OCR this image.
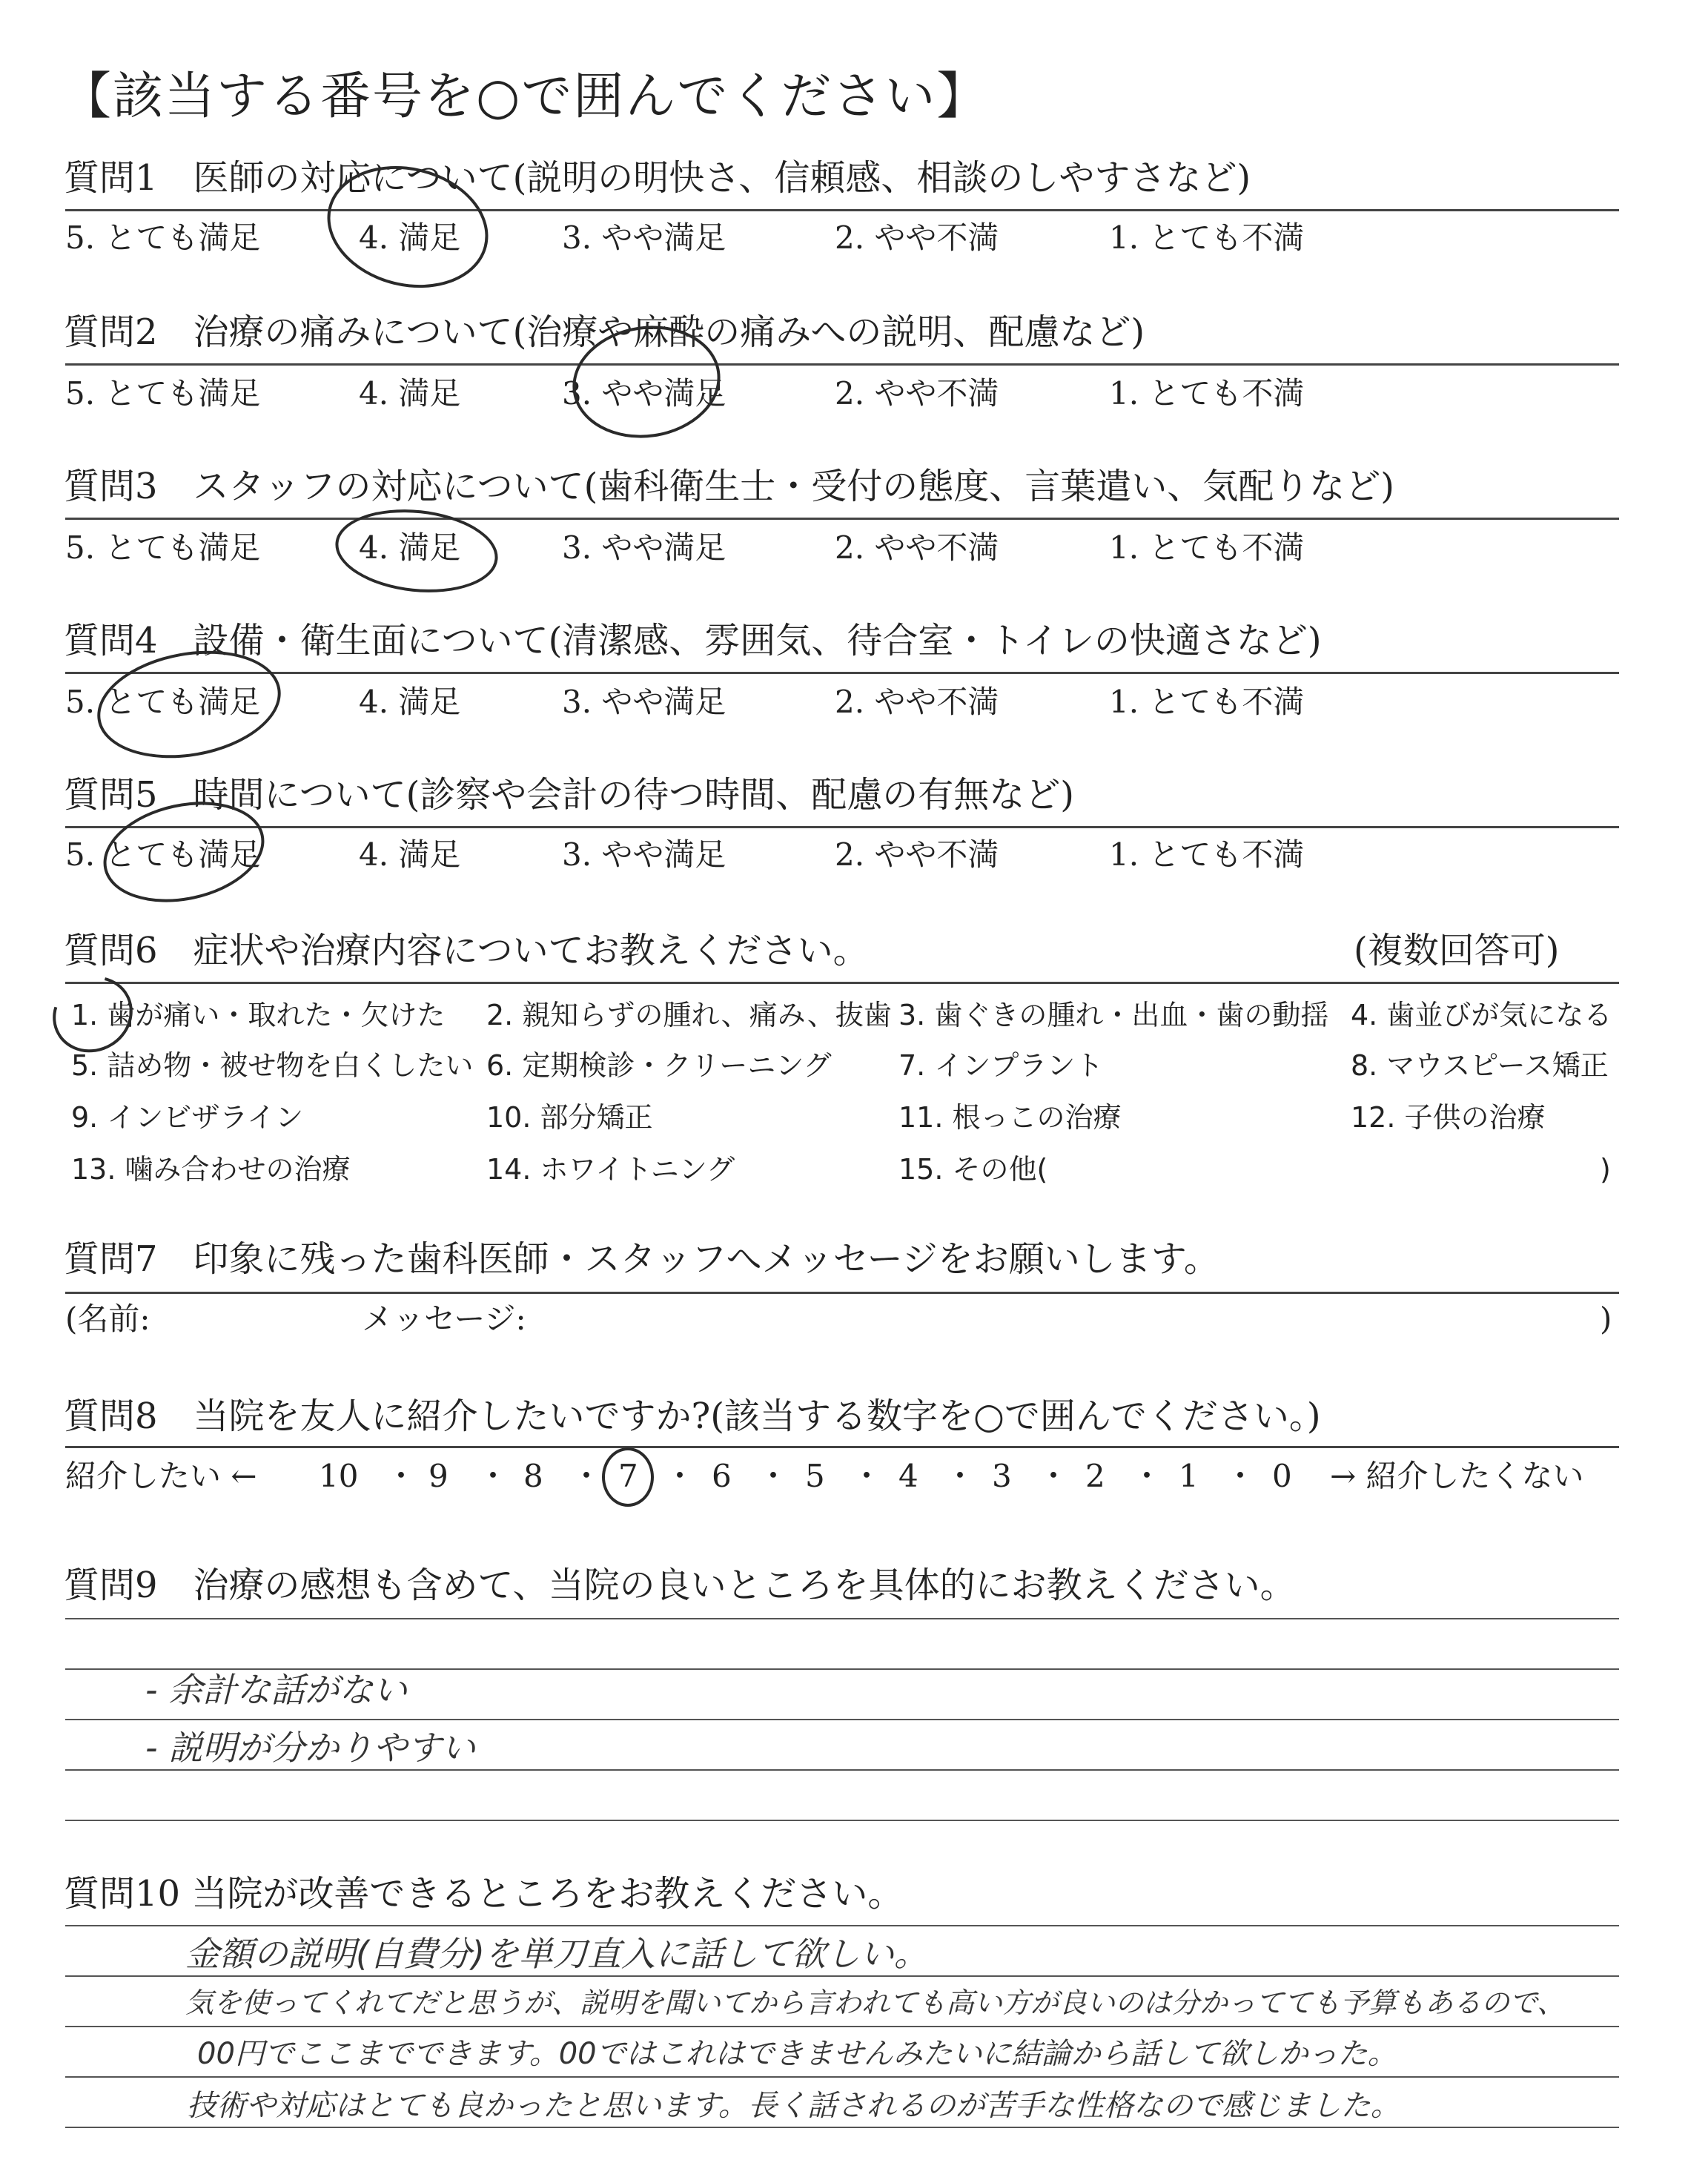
【該当する番号を○で囲んでください】
質問1　医師の対応について(説明の明快さ、信頼感、相談のしやすさなど)
5. とても満足	4. 満足	3. やや満足	2. やや不満	1. とても不満
質問2　治療の痛みについて(治療や麻酔の痛みへの説明、配慮など)
5. とても満足	4. 満足	3. やや満足	2. やや不満	1. とても不満
質問3　スタッフの対応について(歯科衛生士・受付の態度、言葉遣い、気配りなど)
5. とても満足	4. 満足	3. やや満足	2. やや不満	1. とても不満
質問4　設備・衛生面について(清潔感、雰囲気、待合室・トイレの快適さなど)
5. とても満足	4. 満足	3. やや満足	2. やや不満	1. とても不満
質問5　時間について(診察や会計の待つ時間、配慮の有無など)
5. とても満足	4. 満足	3. やや満足	2. やや不満	1. とても不満
質問6　症状や治療内容についてお教えください。	(複数回答可)
1. 歯が痛い・取れた・欠けた 2. 親知らずの腫れ、痛み、抜歯 3. 歯ぐきの腫れ・出血・歯の動揺 4. 歯並びが気になる
5. 詰め物・被せ物を白くしたい 6. 定期検診・クリーニング 7. インプラント	8. マウスピース矯正
9. インビザライン	10. 部分矯正	11. 根っこの治療	12. 子供の治療
13. 噛み合わせの治療	14. ホワイトニング	15. その他(	)
質問7　印象に残った歯科医師・スタッフへメッセージをお願いします。
(名前:	メッセージ:	)
質問8　当院を友人に紹介したいですか?(該当する数字を○で囲んでください。)
紹介したい ← 10 ・ 9 ・ 8 ・ 7 ・ 6 ・ 5 ・ 4 ・ 3 ・ 2 ・ 1 ・ 0 → 紹介したくない
質問9　治療の感想も含めて、当院の良いところを具体的にお教えください。
- 余計な話がない
- 説明が分かりやすい
質問10 当院が改善できるところをお教えください。
金額の説明(自費分)を単刀直入に話して欲しい。
気を使ってくれてだと思うが、説明を聞いてから言われても高い方が良いのは分かってても予算もあるので、
00円でここまでできます。00ではこれはできませんみたいに結論から話して欲しかった。
技術や対応はとても良かったと思います。長く話されるのが苦手な性格なので感じました。
